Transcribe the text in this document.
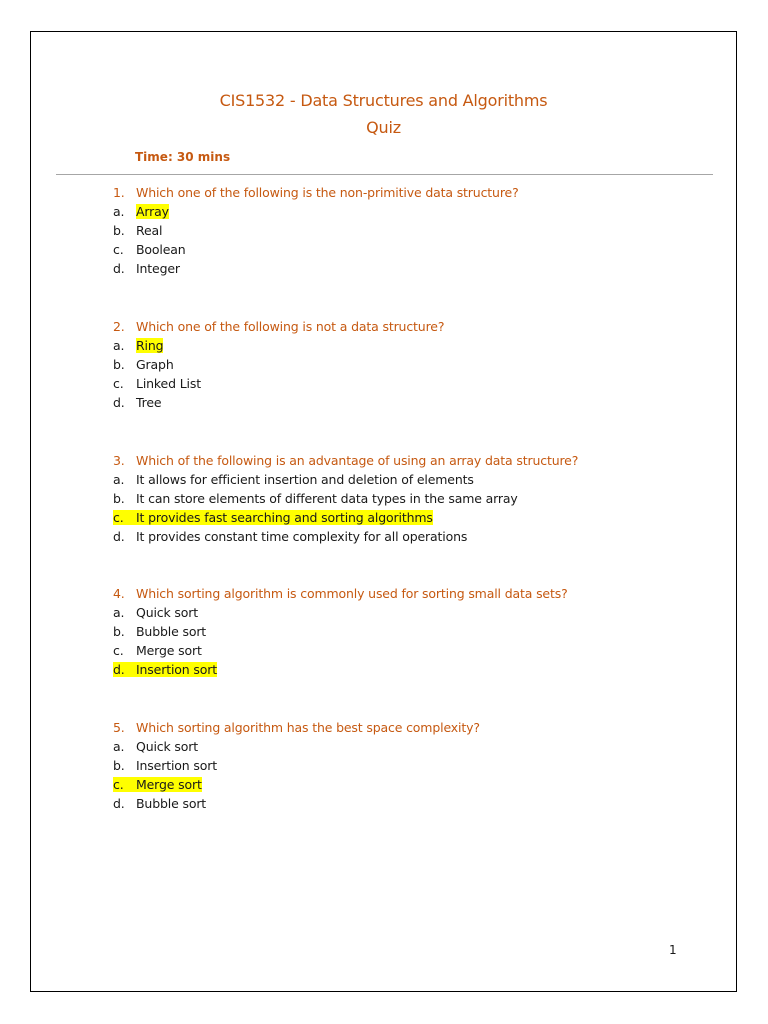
CIS1532 - Data Structures and Algorithms
Quiz
Time: 30 mins
1. Which one of the following is the non-primitive data structure?
a. Array
b. Real
c. Boolean
d. Integer
2. Which one of the following is not a data structure?
a. Ring
b. Graph
c. Linked List
d. Tree
3. Which of the following is an advantage of using an array data structure?
a. It allows for efficient insertion and deletion of elements
b. It can store elements of different data types in the same array
c. It provides fast searching and sorting algorithms
d. It provides constant time complexity for all operations
4. Which sorting algorithm is commonly used for sorting small data sets?
a. Quick sort
b. Bubble sort
c. Merge sort
d. Insertion sort
5. Which sorting algorithm has the best space complexity?
a. Quick sort
b. Insertion sort
c. Merge sort
d. Bubble sort
1
